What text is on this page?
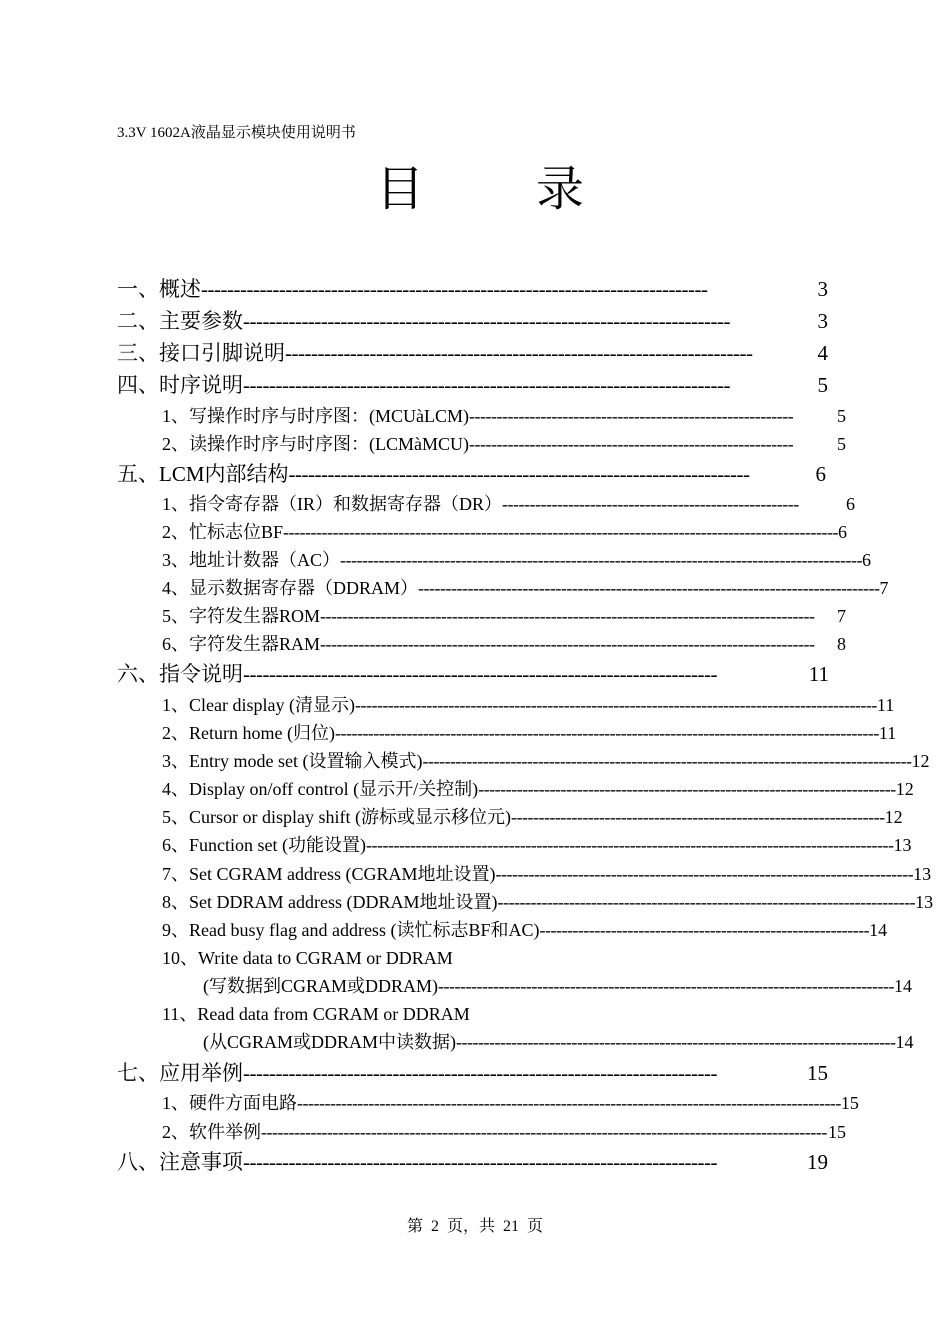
3.3V 1602A液晶显示模块使用说明书
目 录
一、概述 ------------------------------------------------------------------------------	3
二、主要参数 ---------------------------------------------------------------------------	3
三、接口引脚说明 ------------------------------------------------------------------------	4
四、时序说明 ---------------------------------------------------------------------------	5
1、写操作时序与时序图：(MCUàLCM) -----------------------------------------------------------	5
2、读操作时序与时序图：(LCMàMCU) -----------------------------------------------------------	5
五、LCM内部结构 -----------------------------------------------------------------------	6
1、指令寄存器（IR）和数据寄存器（DR） ------------------------------------------------------	6
2、忙标志位BF ----------------------------------------------------------------------------------------------------- 6
3、地址计数器（AC） ----------------------------------------------------------------------------------------------- 6
4、显示数据寄存器（DDRAM） ------------------------------------------------------------------------------------ 7
5、字符发生器ROM ------------------------------------------------------------------------------------------	7
6、字符发生器RAM ------------------------------------------------------------------------------------------	8
六、指令说明 -------------------------------------------------------------------------	11
1、Clear display (清显示) ----------------------------------------------------------------------------------------------- 11
2、Return home (归位) --------------------------------------------------------------------------------------------------- 11
3、Entry mode set (设置输入模式) ----------------------------------------------------------------------------------------- 12
4、Display on/off control (显示开/关控制) ---------------------------------------------------------------------------- 12
5、Cursor or display shift (游标或显示移位元) -------------------------------------------------------------------- 12
6、Function set (功能设置) ------------------------------------------------------------------------------------------------ 13
7、Set CGRAM address (CGRAM地址设置) ---------------------------------------------------------------------------- 13
8、Set DDRAM address (DDRAM地址设置) ---------------------------------------------------------------------------- 13
9、Read busy flag and address (读忙标志BF和AC) ------------------------------------------------------------ 14
10、Write data to CGRAM or DDRAM
(写数据到CGRAM或DDRAM) ----------------------------------------------------------------------------------- 14
11、Read data from CGRAM or DDRAM
(从CGRAM或DDRAM中读数据) -------------------------------------------------------------------------------- 14
七、应用举例 -------------------------------------------------------------------------	15
1、硬件方面电路 --------------------------------------------------------------------------------------------------- 15
2、软件举例 ------------------------------------------------------------------------------------------------------- 15
八、注意事项 -------------------------------------------------------------------------	19
第  2  页，共  21  页
